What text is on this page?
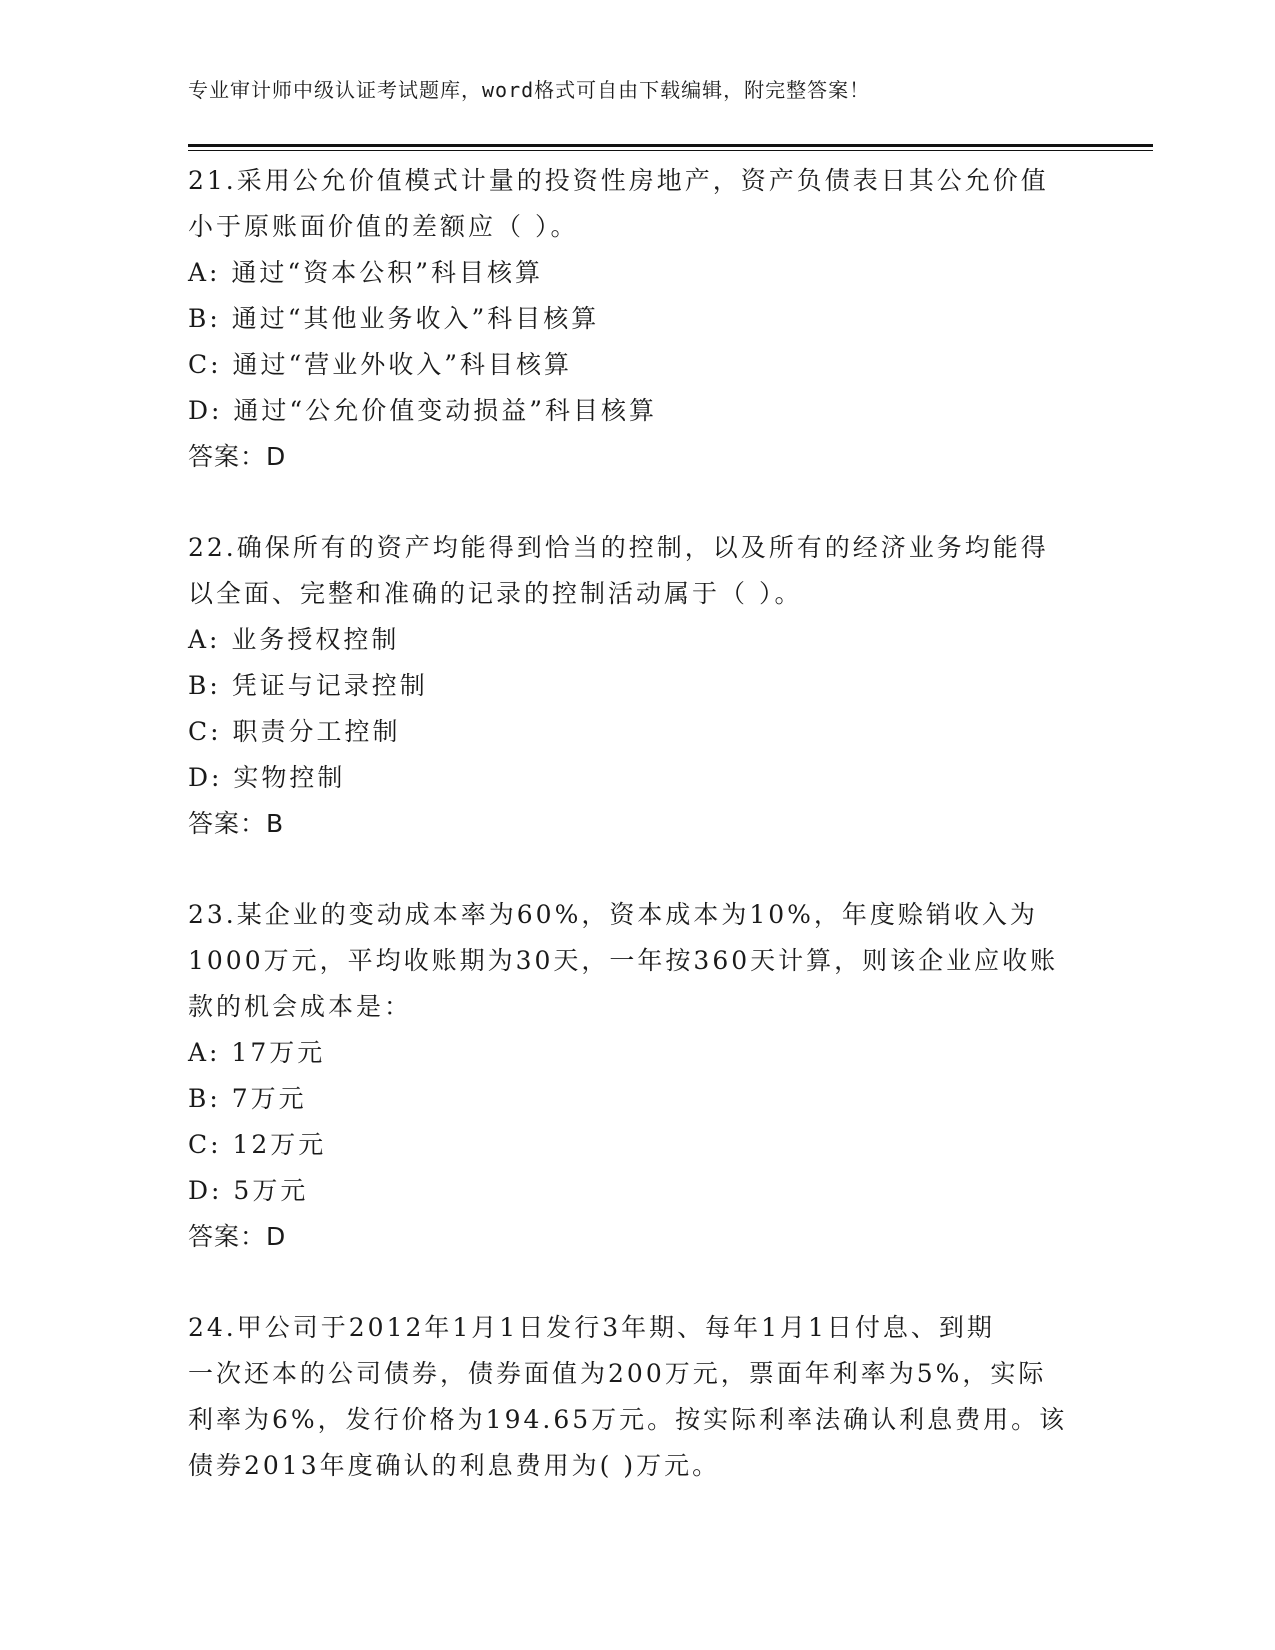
专业审计师中级认证考试题库，word格式可自由下载编辑，附完整答案！
21.采用公允价值模式计量的投资性房地产，资产负债表日其公允价值
小于原账面价值的差额应（ ）。
A: 通过“资本公积”科目核算
B: 通过“其他业务收入”科目核算
C: 通过“营业外收入”科目核算
D: 通过“公允价值变动损益”科目核算
答案：D
22.确保所有的资产均能得到恰当的控制，以及所有的经济业务均能得
以全面、完整和准确的记录的控制活动属于（ ）。
A: 业务授权控制
B: 凭证与记录控制
C: 职责分工控制
D: 实物控制
答案：B
23.某企业的变动成本率为60%，资本成本为10%，年度赊销收入为
1000万元，平均收账期为30天，一年按360天计算，则该企业应收账
款的机会成本是：
A: 17万元
B: 7万元
C: 12万元
D: 5万元
答案：D
24.甲公司于2012年1月1日发行3年期、每年1月1日付息、到期
一次还本的公司债券，债券面值为200万元，票面年利率为5%，实际
利率为6%，发行价格为194.65万元。按实际利率法确认利息费用。该
债券2013年度确认的利息费用为( )万元。
